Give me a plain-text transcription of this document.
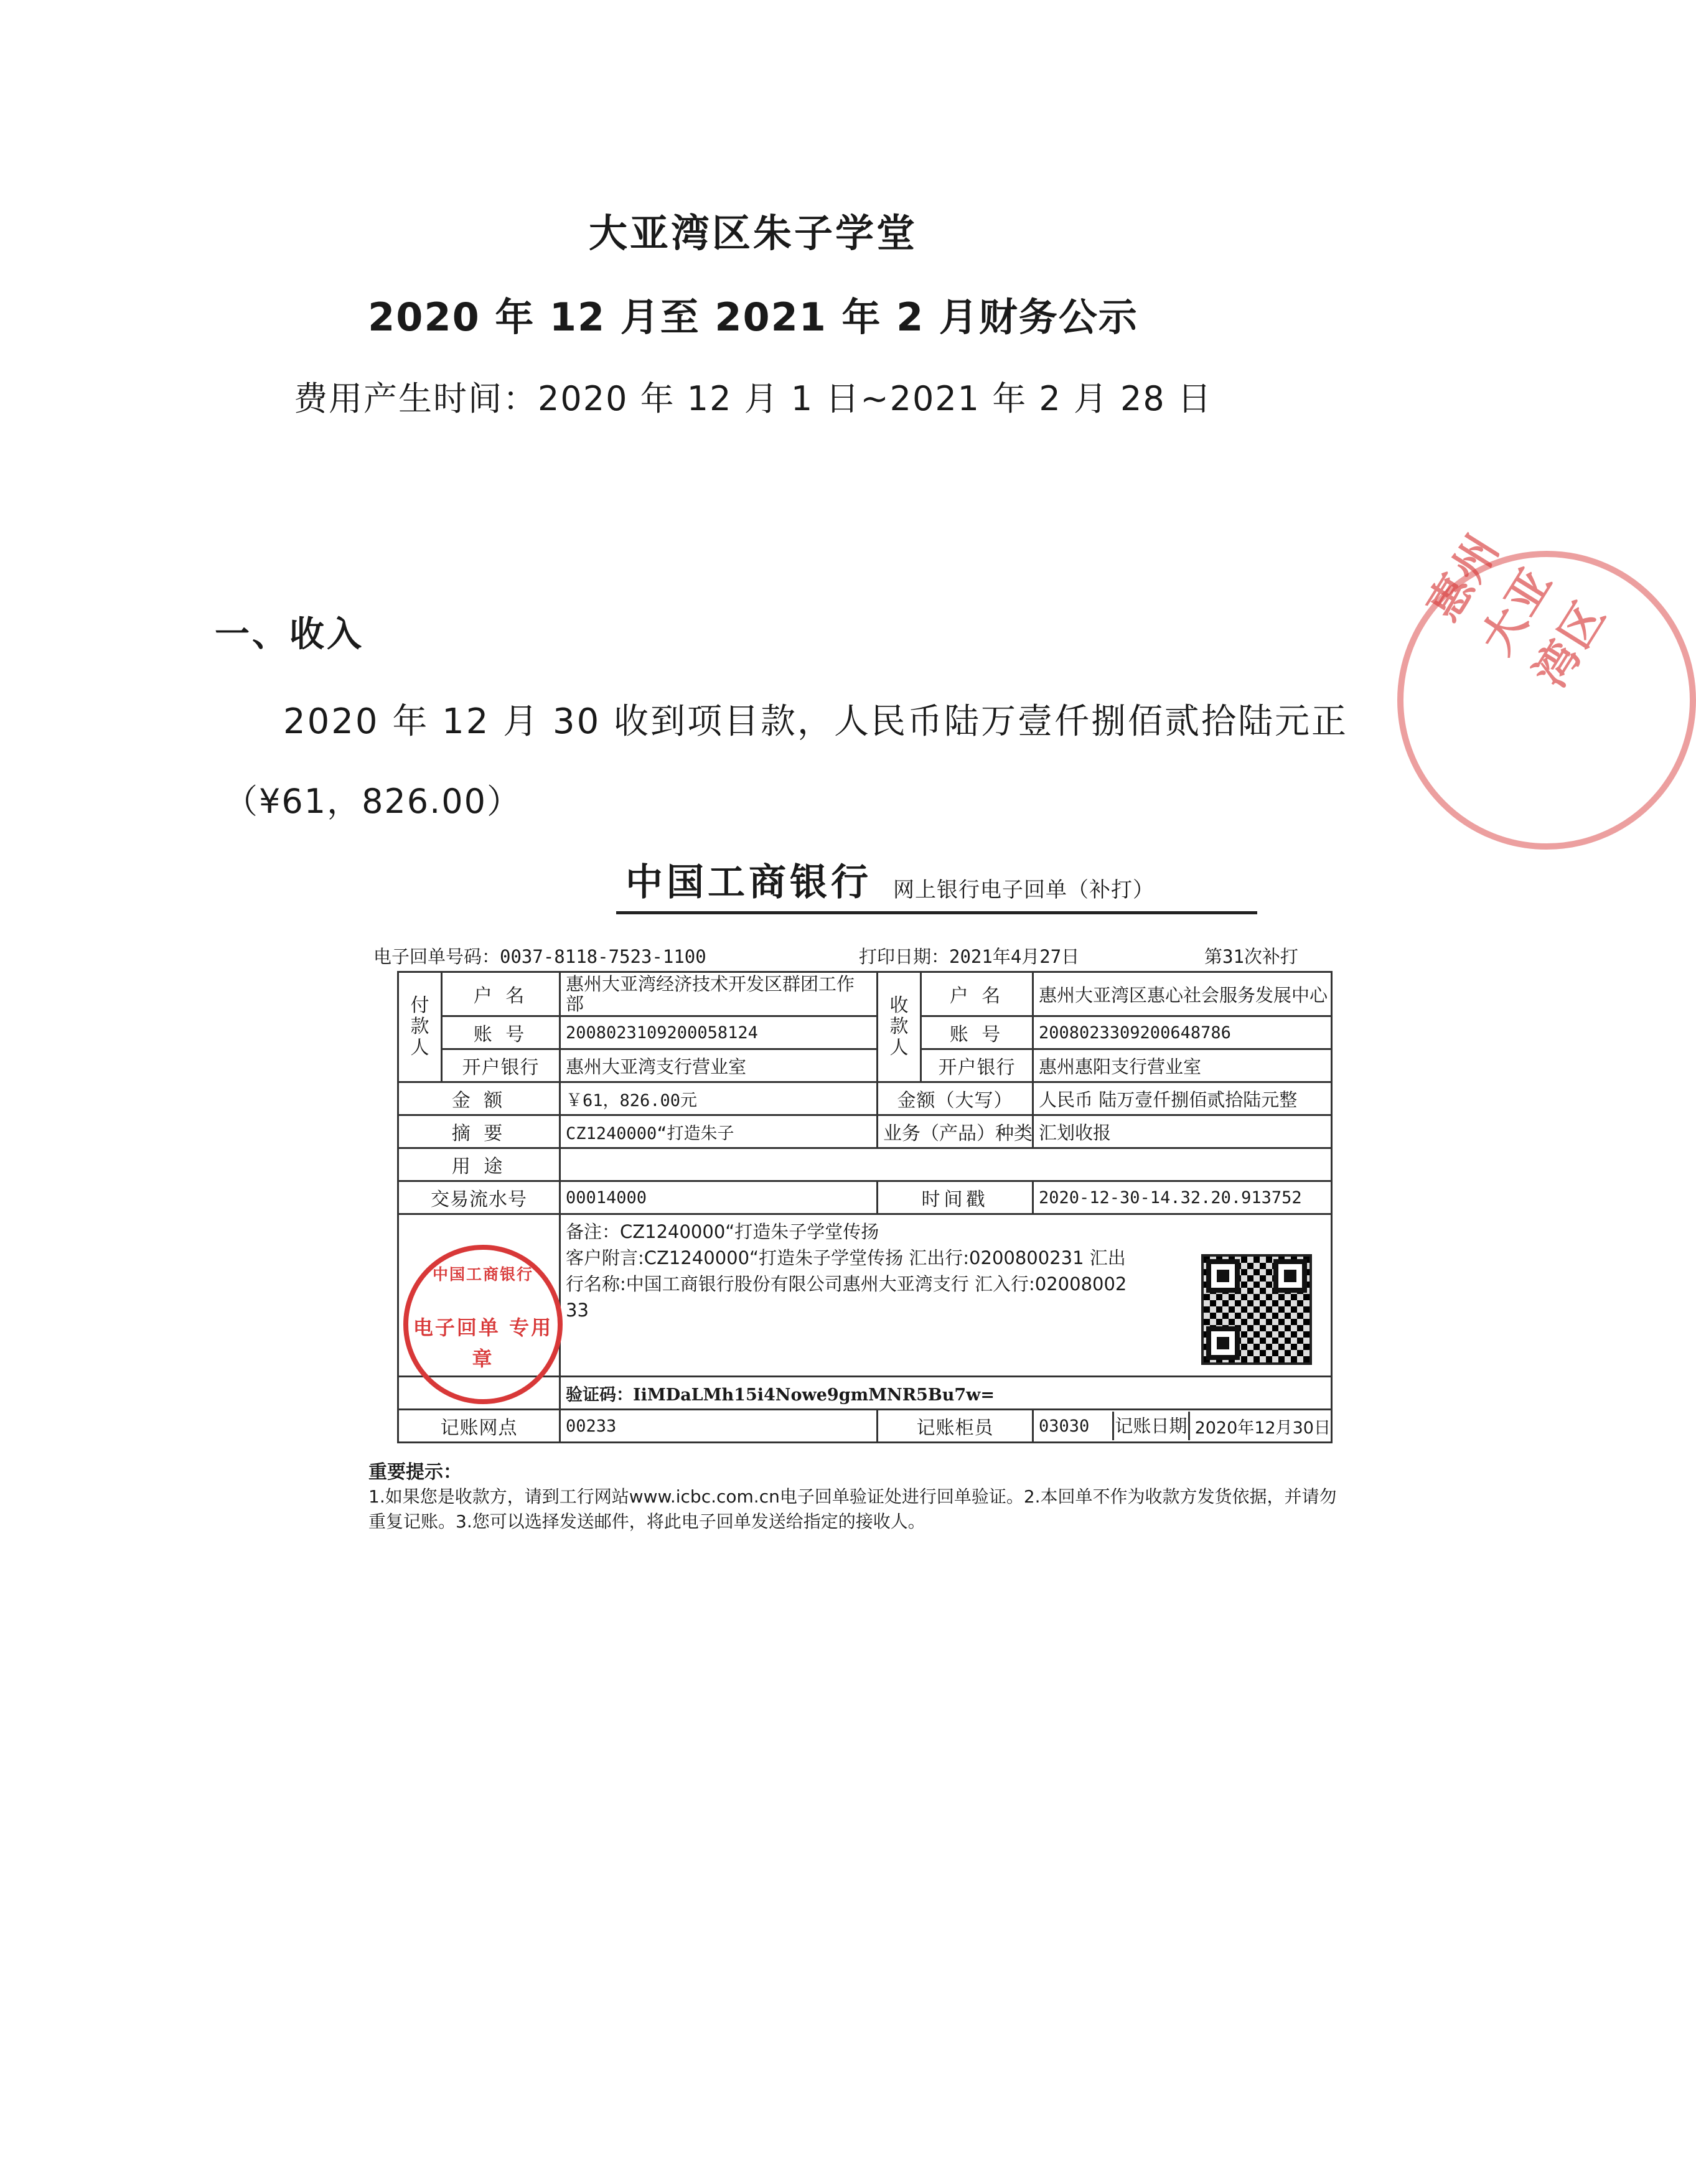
大亚湾区朱子学堂
2020 年 12 月至 2021 年 2 月财务公示
费用产生时间：2020 年 12 月 1 日~2021 年 2 月 28 日
一、收入
2020 年 12 月 30 收到项目款，人民币陆万壹仟捌佰贰拾陆元正
（¥61，826.00）
惠州大亚湾区
中国工商银行 网上银行电子回单（补打）
电子回单号码：0037-8118-7523-1100	打印日期：2021年4月27日	第31次补打
付款人	户 名	惠州大亚湾经济技术开发区群团工作部	收款人	户 名	惠州大亚湾区惠心社会服务发展中心
	账 号	2008023109200058124		账 号	2008023309200648786
	开户银行	惠州大亚湾支行营业室		开户银行	惠州惠阳支行营业室
金 额		￥61，826.00元	金额（大写）		人民币 陆万壹仟捌佰贰拾陆元整
摘 要		CZ1240000“打造朱子	业务（产品）种类		汇划收报
用 途					
交易流水号		00014000	时间戳		2020-12-30-14.32.20.913752

		备注：CZ1240000“打造朱子学堂传扬
客户附言:CZ1240000“打造朱子学堂传扬 汇出行:0200800231 汇出
行名称:中国工商银行股份有限公司惠州大亚湾支行 汇入行:02008002
33			

		验证码：IiMDaLMh15i4Nowe9gmMNR5Bu7w=			
记账网点		00233	记账柜员		03030 记账日期 2020年12月30日
中国工商银行
电子回单 专用章
重要提示：
1.如果您是收款方，请到工行网站www.icbc.com.cn电子回单验证处进行回单验证。2.本回单不作为收款方发货依据，并请勿重复记账。3.您可以选择发送邮件，将此电子回单发送给指定的接收人。
